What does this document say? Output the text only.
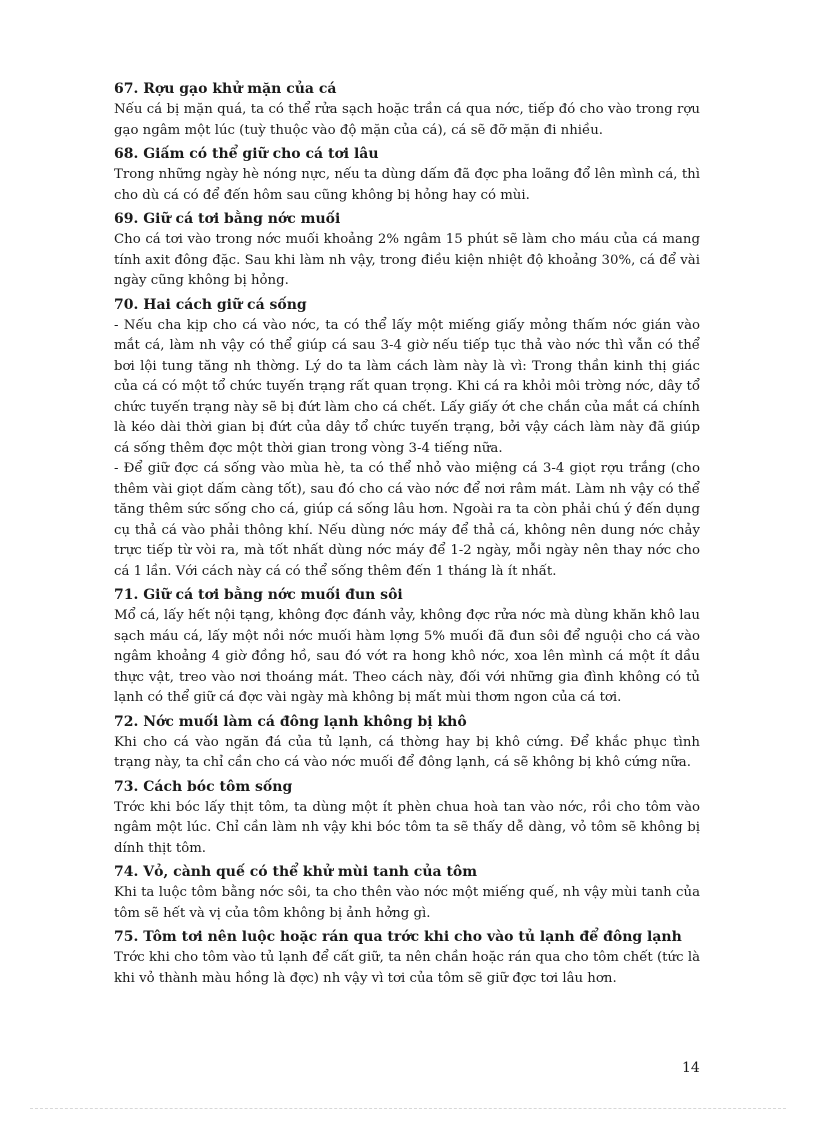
67. Rợu gạo khử mặn của cá

Nếu cá bị mặn quá, ta có thể rửa sạch hoặc trần cá qua nớc, tiếp đó cho vào trong rợu gạo ngâm một lúc (tuỳ thuộc vào độ mặn của cá), cá sẽ đỡ mặn đi nhiều.

68. Giấm có thể giữ cho cá tơi lâu

Trong những ngày hè nóng nực, nếu ta dùng dấm đã đợc pha loãng đổ lên mình cá, thì cho dù cá có để đến hôm sau cũng không bị hỏng hay có mùi.

69. Giữ cá tơi bằng nớc muối

Cho cá tơi vào trong nớc muối khoảng 2% ngâm 15 phút sẽ làm cho máu của cá mang tính axit đông đặc. Sau khi làm nh vậy, trong điều kiện nhiệt độ khoảng 30%, cá để vài ngày cũng không bị hỏng.

70. Hai cách giữ cá sống

- Nếu cha kịp cho cá vào nớc, ta có thể lấy một miếng giấy mỏng thấm nớc gián vào mắt cá, làm nh vậy có thể giúp cá sau 3-4 giờ nếu tiếp tục thả vào nớc thì vẫn có thể bơi lội tung tăng nh thờng. Lý do ta làm cách làm này là vì: Trong thần kinh thị giác của cá có một tổ chức tuyến trạng rất quan trọng. Khi cá ra khỏi môi trờng nớc, dây tổ chức tuyến trạng này sẽ bị đứt làm cho cá chết. Lấy giấy ớt che chắn của mắt cá chính là kéo dài thời gian bị đứt của dây tổ chức tuyến trạng, bởi vậy cách làm này đã giúp cá sống thêm đợc một thời gian trong vòng 3-4 tiếng nữa.

- Để giữ đợc cá sống vào mùa hè, ta có thể nhỏ vào miệng cá 3-4 giọt rợu trắng (cho thêm vài giọt dấm càng tốt), sau đó cho cá vào nớc để nơi râm mát. Làm nh vậy có thể tăng thêm sức sống cho cá, giúp cá sống lâu hơn. Ngoài ra ta còn phải chú ý đến dụng cụ thả cá vào phải thông khí. Nếu dùng nớc máy để thả cá, không nên dung nớc chảy trực tiếp từ vòi ra, mà tốt nhất dùng nớc máy để 1-2 ngày, mỗi ngày nên thay nớc cho cá 1 lần. Với cách này cá có thể sống thêm đến 1 tháng là ít nhất.

71. Giữ cá tơi bằng nớc muối đun sôi

Mổ cá, lấy hết nội tạng, không đợc đánh vảy, không đợc rửa nớc mà dùng khăn khô lau sạch máu cá, lấy một nồi nớc muối hàm lợng 5% muối đã đun sôi để nguội cho cá vào ngâm khoảng 4 giờ đồng hồ, sau đó vớt ra hong khô nớc, xoa lên mình cá một ít dầu thực vật, treo vào nơi thoáng mát. Theo cách này, đối với những gia đình không có tủ lạnh có thể giữ cá đợc vài ngày mà không bị mất mùi thơm ngon của cá tơi.

72. Nớc muối làm cá đông lạnh không bị khô

Khi cho cá vào ngăn đá của tủ lạnh, cá thờng hay bị khô cứng. Để khắc phục tình trạng này, ta chỉ cần cho cá vào nớc muối để đông lạnh, cá sẽ không bị khô cứng nữa.

73. Cách bóc tôm sống

Trớc khi bóc lấy thịt tôm, ta dùng một ít phèn chua hoà tan vào nớc, rồi cho tôm vào ngâm một lúc. Chỉ cần làm nh vậy khi bóc tôm ta sẽ thấy dễ dàng, vỏ tôm sẽ không bị dính thịt tôm.

74. Vỏ, cành quế có thể khử mùi tanh của tôm

Khi ta luộc tôm bằng nớc sôi, ta cho thên vào nớc một miếng quế, nh vậy mùi tanh của tôm sẽ hết và vị của tôm không bị ảnh hởng gì.

75. Tôm tơi nên luộc hoặc rán qua trớc khi cho vào tủ lạnh để đông lạnh

Trớc khi cho tôm vào tủ lạnh để cất giữ, ta nên chần hoặc rán qua cho tôm chết (tức là khi vỏ thành màu hồng là đợc) nh vậy vì tơi của tôm sẽ giữ đợc tơi lâu hơn.

14
